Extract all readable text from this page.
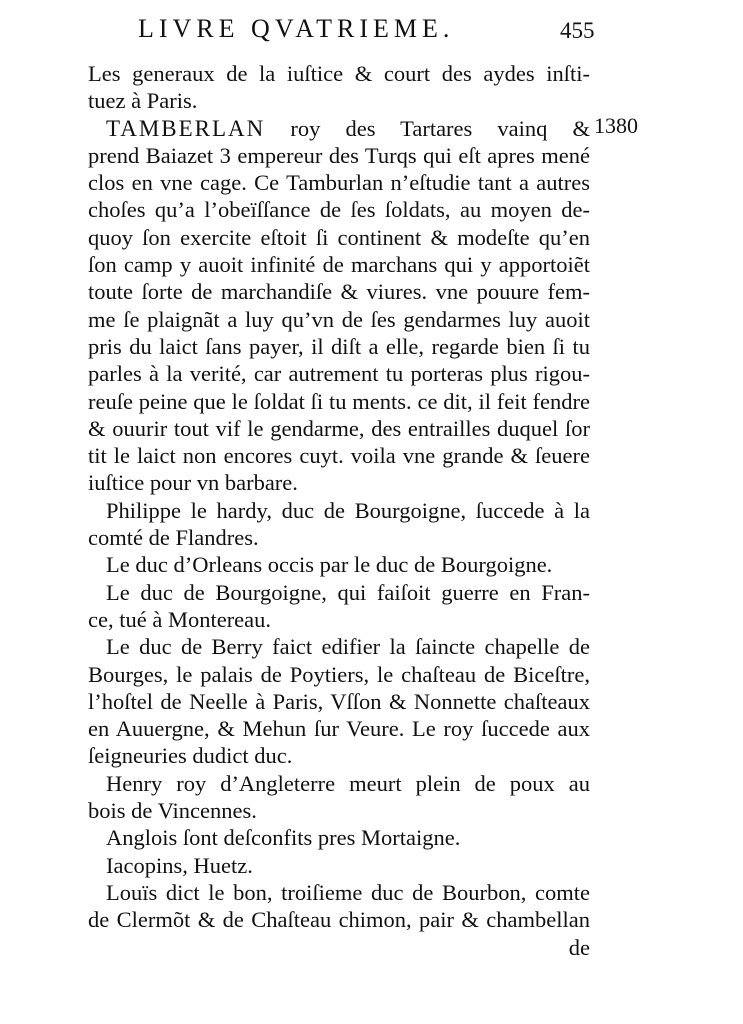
LIVRE QVATRIEME.	455
1380
Les generaux de la iuſtice & court des aydes inſti-
tuez à Paris.
TAMBERLAN roy des Tartares vainq &
prend Baiazet 3 empereur des Turqs qui eſt apres mené
clos en vne cage. Ce Tamburlan n’eſtudie tant a autres
choſes qu’a l’obeïſſance de ſes ſoldats, au moyen de-
quoy ſon exercite eſtoit ſi continent & modeſte qu’en
ſon camp y auoit infinité de marchans qui y apportoiẽt
toute ſorte de marchandiſe & viures. vne pouure fem-
me ſe plaignãt a luy qu’vn de ſes gendarmes luy auoit
pris du laict ſans payer, il diſt a elle, regarde bien ſi tu
parles à la verité, car autrement tu porteras plus rigou-
reuſe peine que le ſoldat ſi tu ments. ce dit, il feit fendre
& ouurir tout vif le gendarme, des entrailles duquel ſor
tit le laict non encores cuyt. voila vne grande & ſeuere
iuſtice pour vn barbare.
Philippe le hardy, duc de Bourgoigne, ſuccede à la
comté de Flandres.
Le duc d’Orleans occis par le duc de Bourgoigne.
Le duc de Bourgoigne, qui faiſoit guerre en Fran-
ce, tué à Montereau.
Le duc de Berry faict edifier la ſaincte chapelle de
Bourges, le palais de Poytiers, le chaſteau de Biceſtre,
l’hoſtel de Neelle à Paris, Vſſon & Nonnette chaſteaux
en Auuergne, & Mehun ſur Veure. Le roy ſuccede aux
ſeigneuries dudict duc.
Henry roy d’Angleterre meurt plein de poux au
bois de Vincennes.
Anglois ſont deſconfits pres Mortaigne.
Iacopins, Huetz.
Louïs dict le bon, troiſieme duc de Bourbon, comte
de Clermõt & de Chaſteau chimon, pair & chambellan
de
